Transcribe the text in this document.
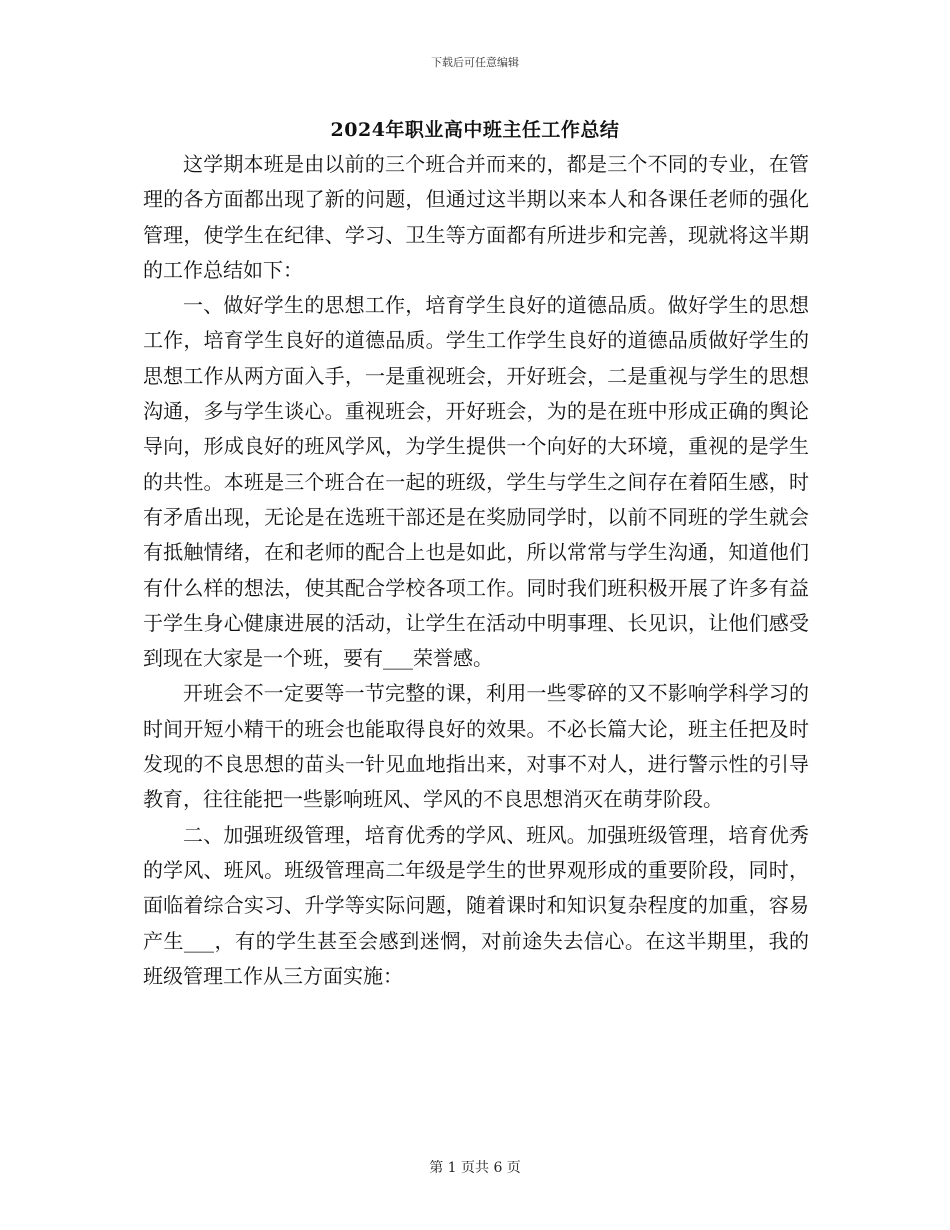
下载后可任意编辑
2024年职业高中班主任工作总结

这学期本班是由以前的三个班合并而来的，都是三个不同的专业，在管理的各方面都出现了新的问题，但通过这半期以来本人和各课任老师的强化管理，使学生在纪律、学习、卫生等方面都有所进步和完善，现就将这半期的工作总结如下：

一、做好学生的思想工作，培育学生良好的道德品质。做好学生的思想工作，培育学生良好的道德品质。学生工作学生良好的道德品质做好学生的思想工作从两方面入手，一是重视班会，开好班会，二是重视与学生的思想沟通，多与学生谈心。重视班会，开好班会，为的是在班中形成正确的舆论导向，形成良好的班风学风，为学生提供一个向好的大环境，重视的是学生的共性。本班是三个班合在一起的班级，学生与学生之间存在着陌生感，时有矛盾出现，无论是在选班干部还是在奖励同学时，以前不同班的学生就会有抵触情绪，在和老师的配合上也是如此，所以常常与学生沟通，知道他们有什么样的想法，使其配合学校各项工作。同时我们班积极开展了许多有益于学生身心健康进展的活动，让学生在活动中明事理、长见识，让他们感受到现在大家是一个班，要有___荣誉感。

开班会不一定要等一节完整的课，利用一些零碎的又不影响学科学习的时间开短小精干的班会也能取得良好的效果。不必长篇大论，班主任把及时发现的不良思想的苗头一针见血地指出来，对事不对人，进行警示性的引导教育，往往能把一些影响班风、学风的不良思想消灭在萌芽阶段。

二、加强班级管理，培育优秀的学风、班风。加强班级管理，培育优秀的学风、班风。班级管理高二年级是学生的世界观形成的重要阶段，同时，面临着综合实习、升学等实际问题，随着课时和知识复杂程度的加重，容易产生___，有的学生甚至会感到迷惘，对前途失去信心。在这半期里，我的班级管理工作从三方面实施：

第 1 页共 6 页
